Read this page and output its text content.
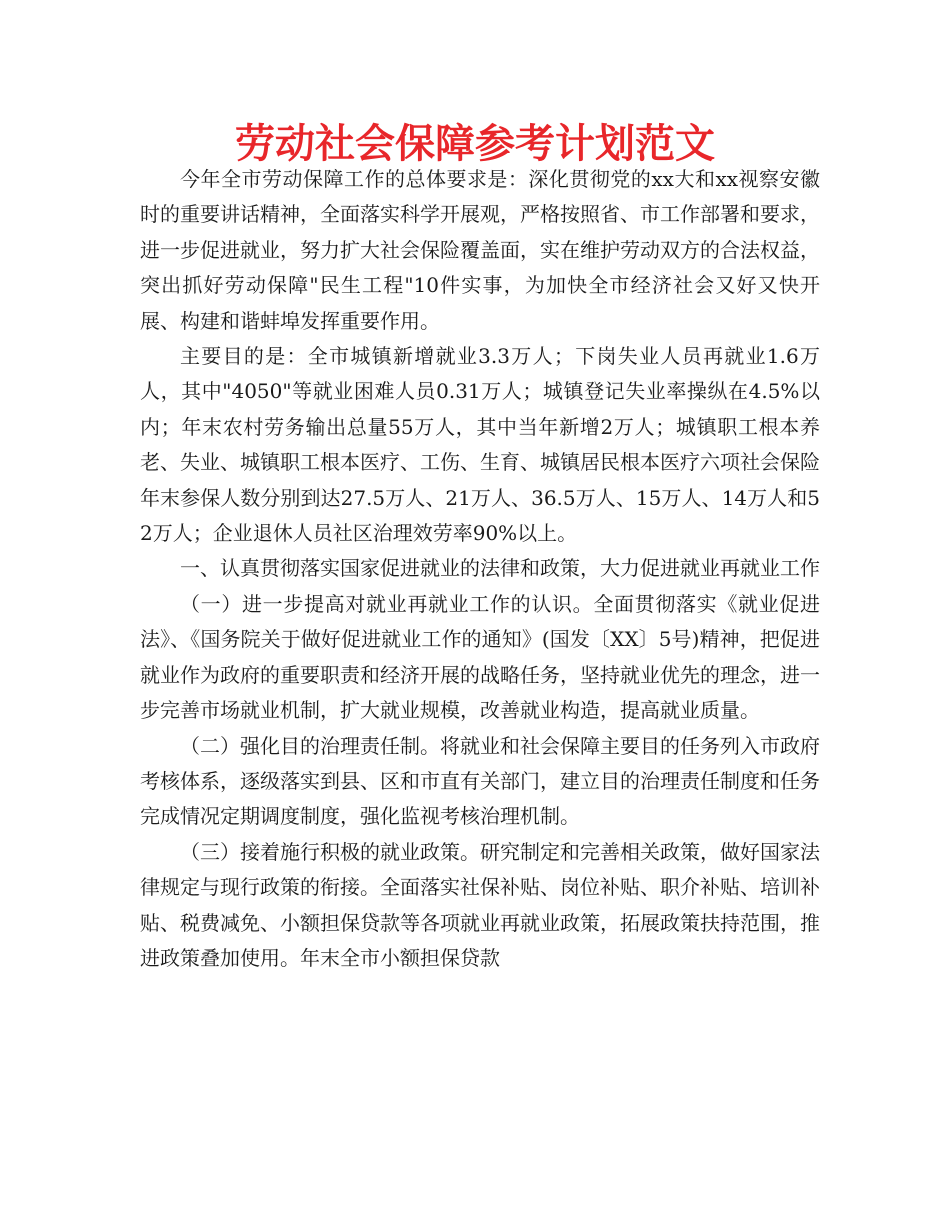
劳动社会保障参考计划范文

今年全市劳动保障工作的总体要求是：深化贯彻党的xx大和xx视察安徽时的重要讲话精神，全面落实科学开展观，严格按照省、市工作部署和要求，进一步促进就业，努力扩大社会保险覆盖面，实在维护劳动双方的合法权益，突出抓好劳动保障"民生工程"10件实事，为加快全市经济社会又好又快开展、构建和谐蚌埠发挥重要作用。

主要目的是：全市城镇新增就业3.3万人；下岗失业人员再就业1.6万人，其中"4050"等就业困难人员0.31万人；城镇登记失业率操纵在4.5%以内；年末农村劳务输出总量55万人，其中当年新增2万人；城镇职工根本养老、失业、城镇职工根本医疗、工伤、生育、城镇居民根本医疗六项社会保险年末参保人数分别到达27.5万人、21万人、36.5万人、15万人、14万人和52万人；企业退休人员社区治理效劳率90%以上。

一、认真贯彻落实国家促进就业的法律和政策，大力促进就业再就业工作

（一）进一步提高对就业再就业工作的认识。全面贯彻落实《就业促进法》、《国务院关于做好促进就业工作的通知》(国发〔XX〕5号)精神，把促进就业作为政府的重要职责和经济开展的战略任务，坚持就业优先的理念，进一步完善市场就业机制，扩大就业规模，改善就业构造，提高就业质量。

（二）强化目的治理责任制。将就业和社会保障主要目的任务列入市政府考核体系，逐级落实到县、区和市直有关部门，建立目的治理责任制度和任务完成情况定期调度制度，强化监视考核治理机制。

（三）接着施行积极的就业政策。研究制定和完善相关政策，做好国家法律规定与现行政策的衔接。全面落实社保补贴、岗位补贴、职介补贴、培训补贴、税费减免、小额担保贷款等各项就业再就业政策，拓展政策扶持范围，推进政策叠加使用。年末全市小额担保贷款
